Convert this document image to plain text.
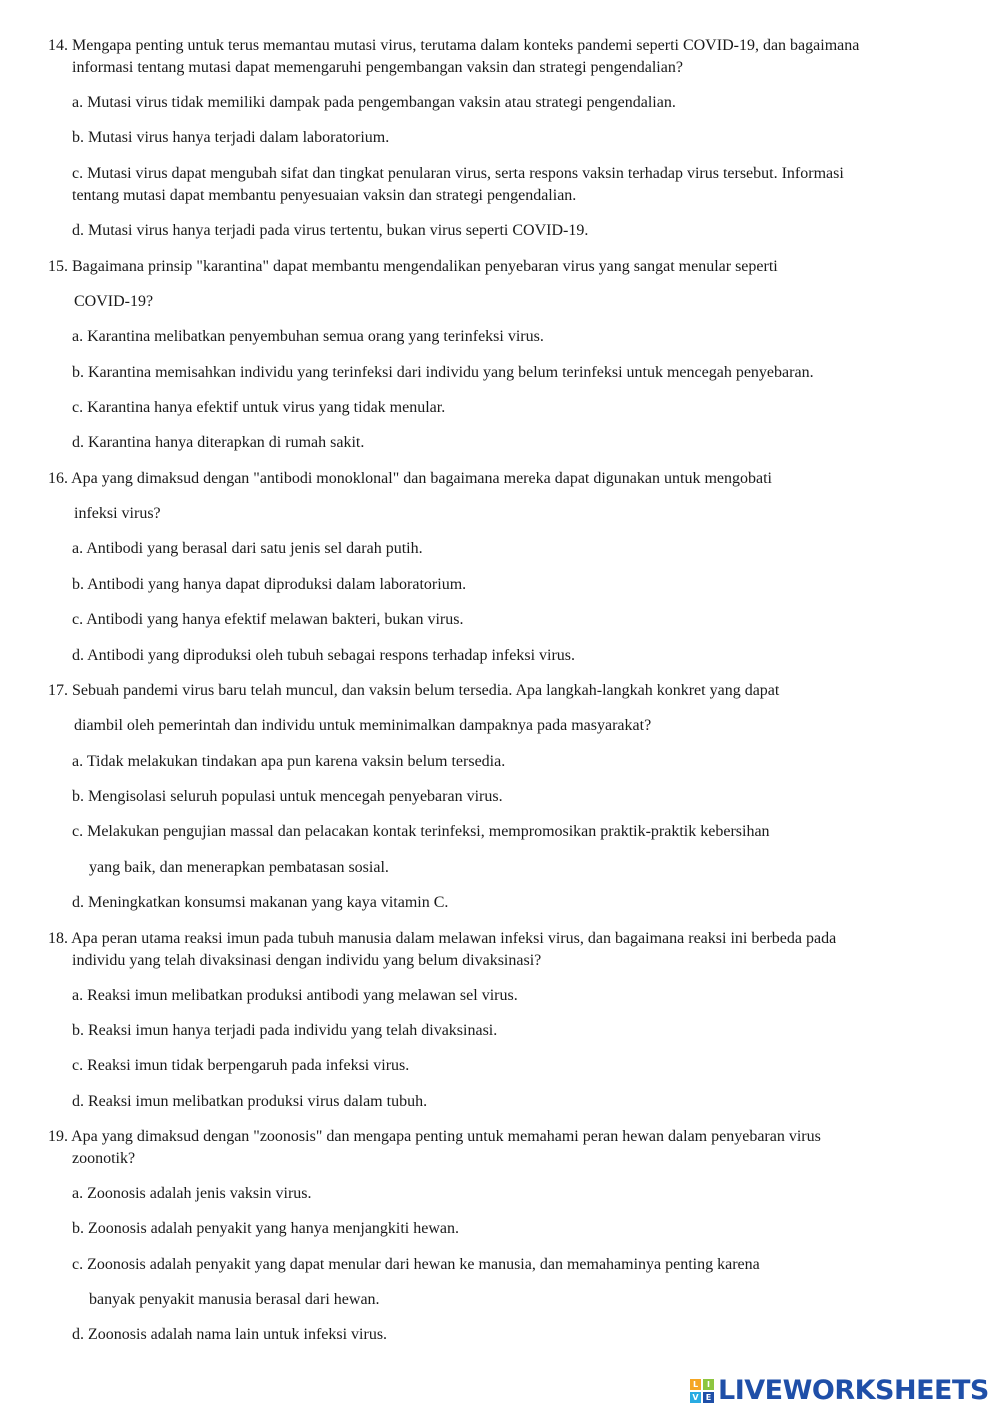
14. Mengapa penting untuk terus memantau mutasi virus, terutama dalam konteks pandemi seperti COVID-19, dan bagaimana
informasi tentang mutasi dapat memengaruhi pengembangan vaksin dan strategi pengendalian?
a. Mutasi virus tidak memiliki dampak pada pengembangan vaksin atau strategi pengendalian.
b. Mutasi virus hanya terjadi dalam laboratorium.
c. Mutasi virus dapat mengubah sifat dan tingkat penularan virus, serta respons vaksin terhadap virus tersebut. Informasi
tentang mutasi dapat membantu penyesuaian vaksin dan strategi pengendalian.
d. Mutasi virus hanya terjadi pada virus tertentu, bukan virus seperti COVID-19.
15. Bagaimana prinsip "karantina" dapat membantu mengendalikan penyebaran virus yang sangat menular seperti
COVID-19?
a. Karantina melibatkan penyembuhan semua orang yang terinfeksi virus.
b. Karantina memisahkan individu yang terinfeksi dari individu yang belum terinfeksi untuk mencegah penyebaran.
c. Karantina hanya efektif untuk virus yang tidak menular.
d. Karantina hanya diterapkan di rumah sakit.
16. Apa yang dimaksud dengan "antibodi monoklonal" dan bagaimana mereka dapat digunakan untuk mengobati
infeksi virus?
a. Antibodi yang berasal dari satu jenis sel darah putih.
b. Antibodi yang hanya dapat diproduksi dalam laboratorium.
c. Antibodi yang hanya efektif melawan bakteri, bukan virus.
d. Antibodi yang diproduksi oleh tubuh sebagai respons terhadap infeksi virus.
17. Sebuah pandemi virus baru telah muncul, dan vaksin belum tersedia. Apa langkah-langkah konkret yang dapat
diambil oleh pemerintah dan individu untuk meminimalkan dampaknya pada masyarakat?
a. Tidak melakukan tindakan apa pun karena vaksin belum tersedia.
b. Mengisolasi seluruh populasi untuk mencegah penyebaran virus.
c. Melakukan pengujian massal dan pelacakan kontak terinfeksi, mempromosikan praktik-praktik kebersihan
yang baik, dan menerapkan pembatasan sosial.
d. Meningkatkan konsumsi makanan yang kaya vitamin C.
18. Apa peran utama reaksi imun pada tubuh manusia dalam melawan infeksi virus, dan bagaimana reaksi ini berbeda pada
individu yang telah divaksinasi dengan individu yang belum divaksinasi?
a. Reaksi imun melibatkan produksi antibodi yang melawan sel virus.
b. Reaksi imun hanya terjadi pada individu yang telah divaksinasi.
c. Reaksi imun tidak berpengaruh pada infeksi virus.
d. Reaksi imun melibatkan produksi virus dalam tubuh.
19. Apa yang dimaksud dengan "zoonosis" dan mengapa penting untuk memahami peran hewan dalam penyebaran virus
zoonotik?
a. Zoonosis adalah jenis vaksin virus.
b. Zoonosis adalah penyakit yang hanya menjangkiti hewan.
c. Zoonosis adalah penyakit yang dapat menular dari hewan ke manusia, dan memahaminya penting karena
banyak penyakit manusia berasal dari hewan.
d. Zoonosis adalah nama lain untuk infeksi virus.
L	I
V E LIVEWORKSHEETS
